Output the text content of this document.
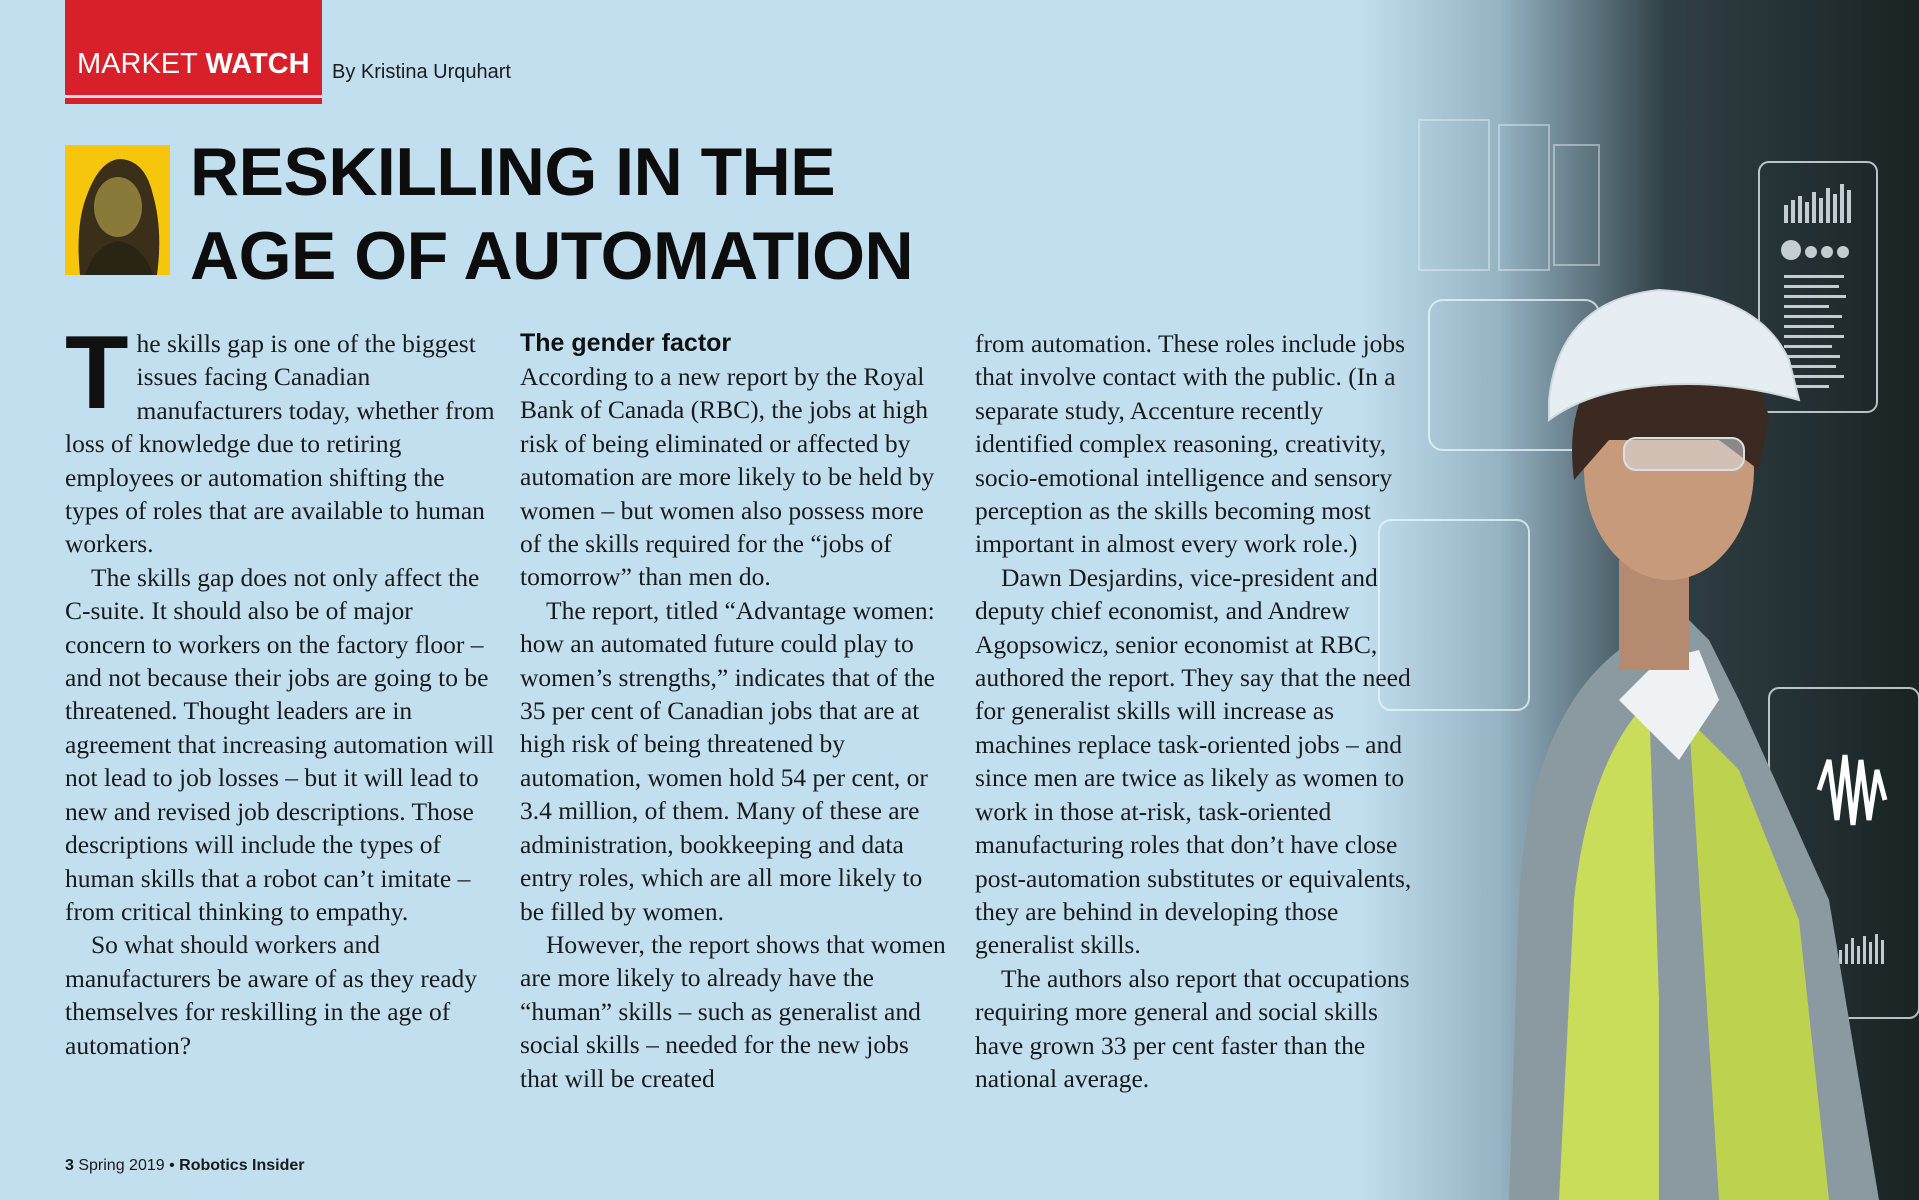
MARKET WATCH	By Kristina Urquhart
RESKILLING IN THE
AGE OF AUTOMATION
T he skills gap is one of the biggest issues facing Canadian manufacturers today, whether from loss of knowledge due to retiring employees or automation shifting the types of roles that are available to human workers.

The skills gap does not only affect the C-suite. It should also be of major concern to workers on the factory floor – and not because their jobs are going to be threatened. Thought leaders are in agreement that increasing automation will not lead to job losses – but it will lead to new and revised job descriptions. Those descriptions will include the types of human skills that a robot can’t imitate – from critical thinking to empathy.

So what should workers and manufacturers be aware of as they ready themselves for reskilling in the age of automation?

The gender factor

According to a new report by the Royal Bank of Canada (RBC), the jobs at high risk of being eliminated or affected by automation are more likely to be held by women – but women also possess more of the skills required for the “jobs of tomorrow” than men do.

The report, titled “Advantage women: how an automated future could play to women’s strengths,” indicates that of the 35 per cent of Canadian jobs that are at high risk of being threatened by automation, women hold 54 per cent, or 3.4 million, of them. Many of these are administration, bookkeeping and data entry roles, which are all more likely to be filled by women.

However, the report shows that women are more likely to already have the “human” skills – such as generalist and social skills – needed for the new jobs that will be created

from automation. These roles include jobs that involve contact with the public. (In a separate study, Accenture recently identified complex reasoning, creativity, socio-emotional intelligence and sensory perception as the skills becoming most important in almost every work role.)

Dawn Desjardins, vice-president and deputy chief economist, and Andrew Agopsowicz, senior economist at RBC, authored the report. They say that the need for generalist skills will increase as machines replace task-oriented jobs – and since men are twice as likely as women to work in those at-risk, task-oriented manufacturing roles that don’t have close post-automation substitutes or equivalents, they are behind in developing those generalist skills.

The authors also report that occupations requiring more general and social skills have grown 33 per cent faster than the national average.

3 Spring 2019 • Robotics Insider
